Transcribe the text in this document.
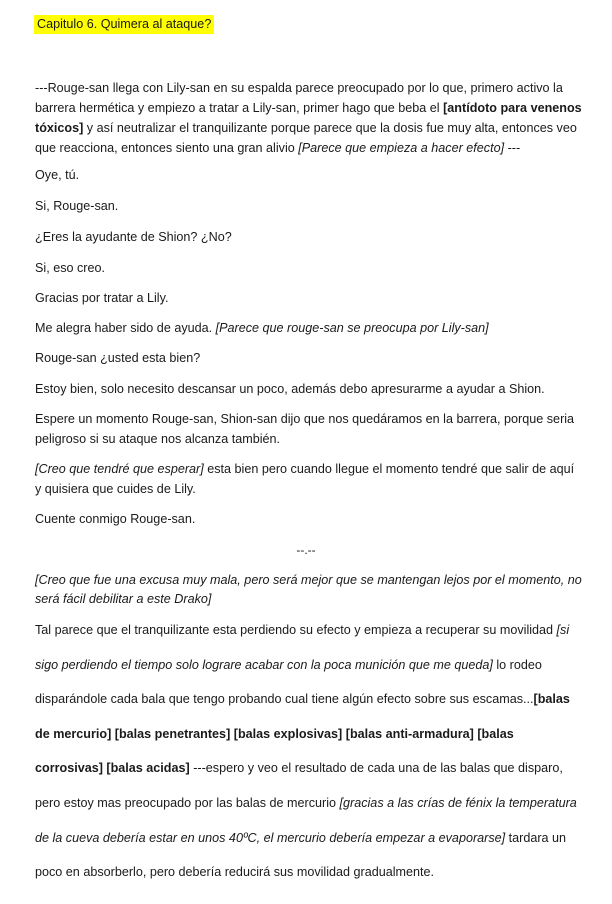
Capitulo 6. Quimera al ataque?

---Rouge-san llega con Lily-san en su espalda parece preocupado por lo que, primero activo la barrera hermética y empiezo a tratar a Lily-san, primer hago que beba el [antídoto para venenos tóxicos] y así neutralizar el tranquilizante porque parece que la dosis fue muy alta, entonces veo que reacciona, entonces siento una gran alivio [Parece que empieza a hacer efecto] ---

Oye, tú.

Si, Rouge-san.

¿Eres la ayudante de Shion? ¿No?

Si, eso creo.

Gracias por tratar a Lily.

Me alegra haber sido de ayuda. [Parece que rouge-san se preocupa por Lily-san]

Rouge-san ¿usted esta bien?

Estoy bien, solo necesito descansar un poco, además debo apresurarme a ayudar a Shion.

Espere un momento Rouge-san, Shion-san dijo que nos quedáramos en la barrera, porque seria peligroso si su ataque nos alcanza también.

[Creo que tendré que esperar] esta bien pero cuando llegue el momento tendré que salir de aquí y quisiera que cuides de Lily.

Cuente conmigo Rouge-san.

--.--

[Creo que fue una excusa muy mala, pero será mejor que se mantengan lejos por el momento, no será fácil debilitar a este Drako]

Tal parece que el tranquilizante esta perdiendo su efecto y empieza a recuperar su movilidad [si sigo perdiendo el tiempo solo lograre acabar con la poca munición que me queda] lo rodeo disparándole cada bala que tengo probando cual tiene algún efecto sobre sus escamas...[balas de mercurio] [balas penetrantes] [balas explosivas] [balas anti-armadura] [balas corrosivas] [balas acidas] ---espero y veo el resultado de cada una de las balas que disparo, pero estoy mas preocupado por las balas de mercurio [gracias a las crías de fénix la temperatura de la cueva debería estar en unos 40ºC, el mercurio debería empezar a evaporarse] tardara un poco en absorberlo, pero debería reducirá sus movilidad gradualmente.
